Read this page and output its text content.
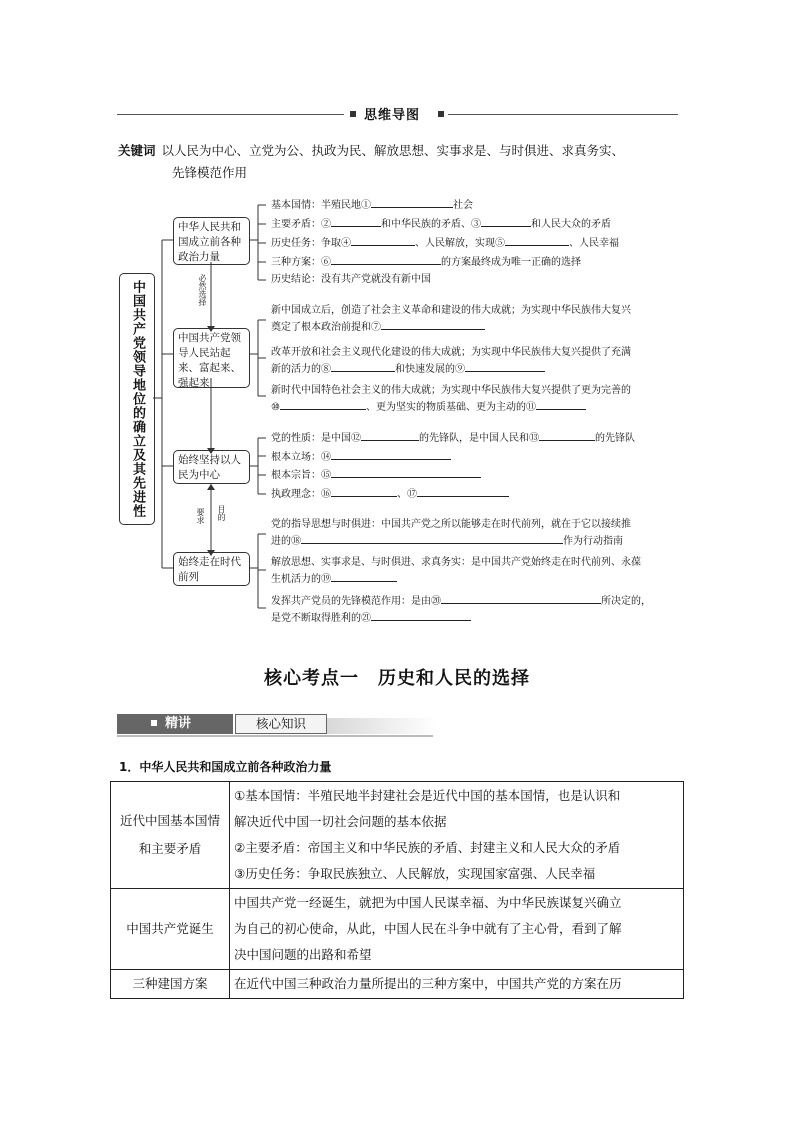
思维导图
关键词 以人民为中心、立党为公、执政为民、解放思想、实事求是、与时俱进、求真务实、
先锋模范作用
中国共产党领导地位的确立及其先进性
中华人民共和国成立前各种政治力量
基本国情：半殖民地①	社会
主要矛盾：②	和中华民族的矛盾、③	和人民大众的矛盾
历史任务：争取④	、人民解放，实现⑤	、人民幸福
三种方案：⑥	的方案最终成为唯一正确的选择
历史结论：没有共产党就没有新中国
必然选择
中国共产党领导人民站起来、富起来、强起来
新中国成立后，创造了社会主义革命和建设的伟大成就；为实现中华民族伟大复兴
奠定了根本政治前提和⑦
改革开放和社会主义现代化建设的伟大成就；为实现中华民族伟大复兴提供了充满
新的活力的⑧	和快速发展的⑨
新时代中国特色社会主义的伟大成就；为实现中华民族伟大复兴提供了更为完善的
⑩	、更为坚实的物质基础、更为主动的⑪
始终坚持以人民为中心
党的性质：是中国⑫	的先锋队，是中国人民和⑬	的先锋队
根本立场：⑭
根本宗旨：⑮
执政理念：⑯	、⑰
要求 目的
始终走在时代前列
党的指导思想与时俱进：中国共产党之所以能够走在时代前列，就在于它以接续推
进的⑱	作为行动指南
解放思想、实事求是、与时俱进、求真务实：是中国共产党始终走在时代前列、永葆
生机活力的⑲
发挥共产党员的先锋模范作用：是由⑳	所决定的，
是党不断取得胜利的㉑
核心考点一　历史和人民的选择
精讲	核心知识
1．中华人民共和国成立前各种政治力量
近代中国基本国情和主要矛盾	①基本国情：半殖民地半封建社会是近代中国的基本国情，也是认识和
解决近代中国一切社会问题的基本依据
②主要矛盾：帝国主义和中华民族的矛盾、封建主义和人民大众的矛盾
③历史任务：争取民族独立、人民解放，实现国家富强、人民幸福

中国共产党诞生	中国共产党一经诞生，就把为中国人民谋幸福、为中华民族谋复兴确立
为自己的初心使命，从此，中国人民在斗争中就有了主心骨，看到了解
决中国问题的出路和希望

三种建国方案	在近代中国三种政治力量所提出的三种方案中，中国共产党的方案在历
